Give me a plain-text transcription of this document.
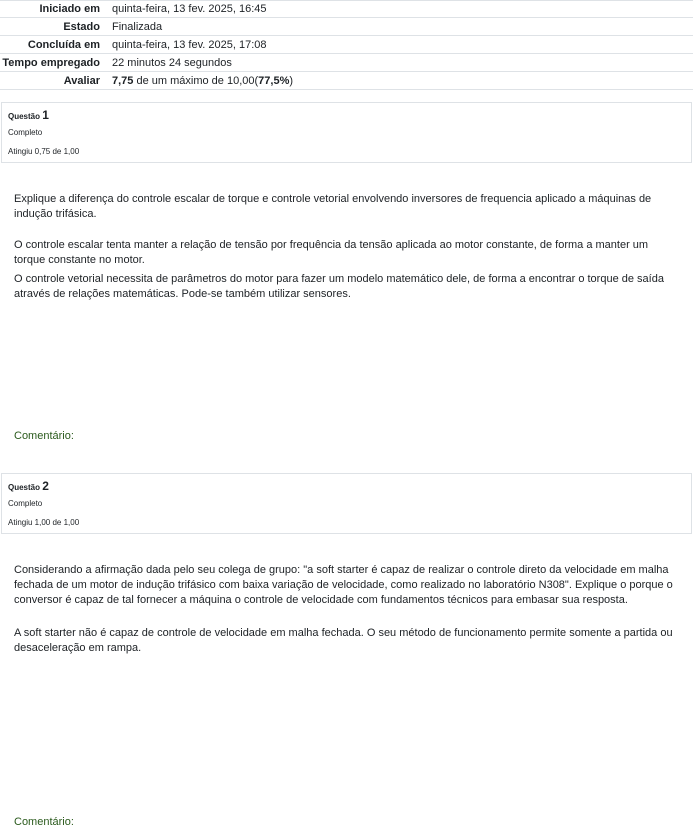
Iniciado em	quinta-feira, 13 fev. 2025, 16:45
Estado	Finalizada
Concluída em	quinta-feira, 13 fev. 2025, 17:08
Tempo empregado	22 minutos 24 segundos
Avaliar	7,75 de um máximo de 10,00(77,5%)
Questão 1
Completo
Atingiu 0,75 de 1,00

Explique a diferença do controle escalar de torque e controle vetorial envolvendo inversores de frequencia aplicado a máquinas de indução trifásica.

O controle escalar tenta manter a relação de tensão por frequência da tensão aplicada ao motor constante, de forma a manter um torque constante no motor.

O controle vetorial necessita de parâmetros do motor para fazer um modelo matemático dele, de forma a encontrar o torque de saída através de relações matemáticas. Pode-se também utilizar sensores.

Comentário:
Questão 2
Completo
Atingiu 1,00 de 1,00

Considerando a afirmação dada pelo seu colega de grupo: "a soft starter é capaz de realizar o controle direto da velocidade em malha fechada de um motor de indução trifásico com baixa variação de velocidade, como realizado no laboratório N308". Explique o porque o conversor é capaz de tal fornecer a máquina o controle de velocidade com fundamentos técnicos para embasar sua resposta.

A soft starter não é capaz de controle de velocidade em malha fechada. O seu método de funcionamento permite somente a partida ou desaceleração em rampa.

Comentário:
